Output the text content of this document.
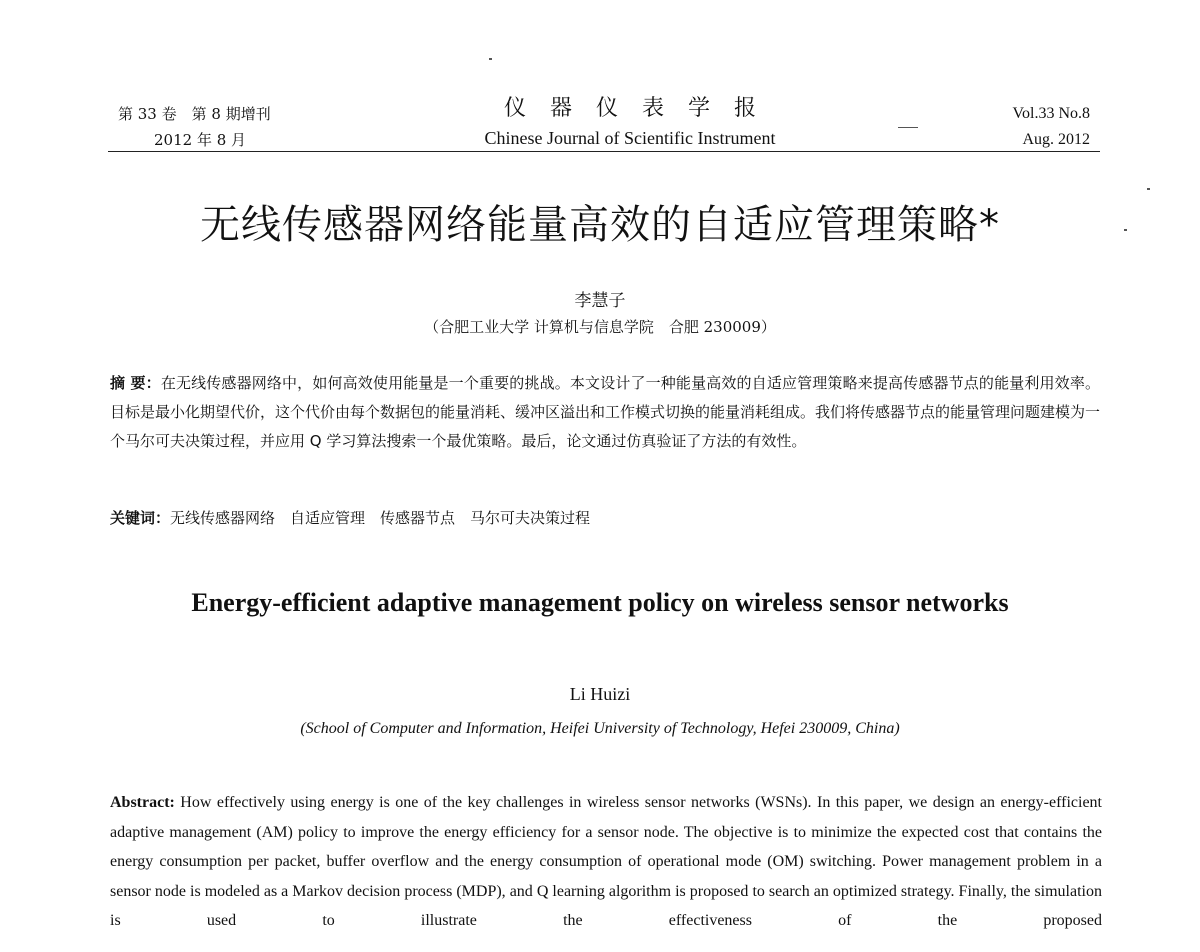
第 33 卷　第 8 期增刊
2012 年 8 月
仪器仪表学报
Chinese Journal of Scientific Instrument
Vol.33 No.8
Aug. 2012
无线传感器网络能量高效的自适应管理策略*
李慧子
（合肥工业大学 计算机与信息学院　合肥 230009）
摘 要：在无线传感器网络中，如何高效使用能量是一个重要的挑战。本文设计了一种能量高效的自适应管理策略来提高传感器节点的能量利用效率。目标是最小化期望代价，这个代价由每个数据包的能量消耗、缓冲区溢出和工作模式切换的能量消耗组成。我们将传感器节点的能量管理问题建模为一个马尔可夫决策过程，并应用 Q 学习算法搜索一个最优策略。最后，论文通过仿真验证了方法的有效性。
关键词：无线传感器网络　自适应管理　传感器节点　马尔可夫决策过程
Energy-efficient adaptive management policy on wireless sensor networks
Li Huizi
(School of Computer and Information, Heifei University of Technology, Hefei 230009, China)
Abstract: How effectively using energy is one of the key challenges in wireless sensor networks (WSNs). In this paper, we design an energy-efficient adaptive management (AM) policy to improve the energy efficiency for a sensor node. The objective is to minimize the expected cost that contains the energy consumption per packet, buffer overflow and the energy consumption of operational mode (OM) switching. Power management problem in a sensor node is modeled as a Markov decision process (MDP), and Q learning algorithm is proposed to search an optimized strategy. Finally, the simulation is used to illustrate the effectiveness of the proposed
